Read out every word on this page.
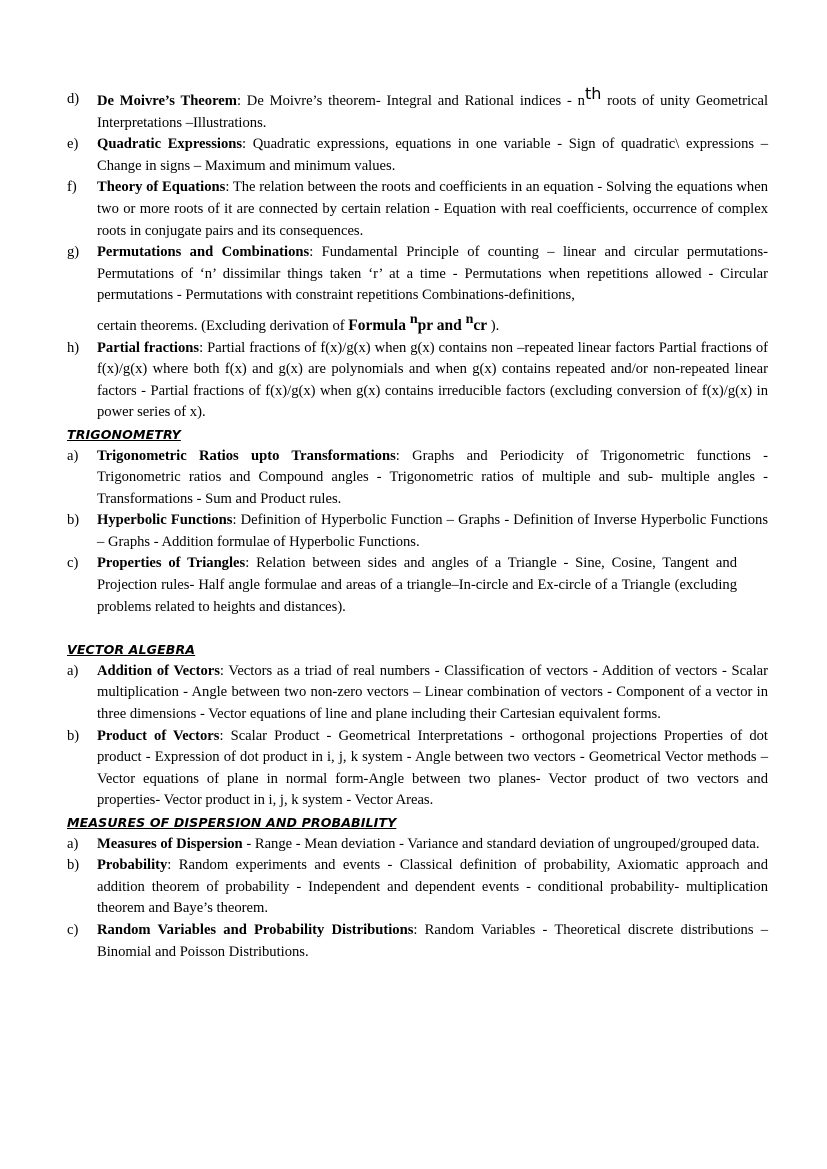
d) De Moivre’s Theorem: De Moivre’s theorem- Integral and Rational indices - nth roots of unity Geometrical Interpretations –Illustrations.
e) Quadratic Expressions: Quadratic expressions, equations in one variable - Sign of quadratic\ expressions – Change in signs – Maximum and minimum values.
f) Theory of Equations: The relation between the roots and coefficients in an equation - Solving the equations when two or more roots of it are connected by certain relation - Equation with real coefficients, occurrence of complex roots in conjugate pairs and its consequences.
g) Permutations and Combinations: Fundamental Principle of counting – linear and circular permutations- Permutations of ‘n’ dissimilar things taken ‘r’ at a time - Permutations when repetitions allowed - Circular permutations - Permutations with constraint repetitions Combinations-definitions,
certain theorems. (Excluding derivation of Formula npr and ncr ).
h) Partial fractions: Partial fractions of f(x)/g(x) when g(x) contains non –repeated linear factors Partial fractions of f(x)/g(x) where both f(x) and g(x) are polynomials and when g(x) contains repeated and/or non-repeated linear factors - Partial fractions of f(x)/g(x) when g(x) contains irreducible factors (excluding conversion of f(x)/g(x) in power series of x).
TRIGONOMETRY
a) Trigonometric Ratios upto Transformations: Graphs and Periodicity of Trigonometric functions - Trigonometric ratios and Compound angles - Trigonometric ratios of multiple and sub- multiple angles - Transformations - Sum and Product rules.
b) Hyperbolic Functions: Definition of Hyperbolic Function – Graphs - Definition of Inverse Hyperbolic Functions – Graphs - Addition formulae of Hyperbolic Functions.
c) Properties of Triangles: Relation between sides and angles of a Triangle - Sine, Cosine, Tangent and Projection rules- Half angle formulae and areas of a triangle–In-circle and Ex-circle of a Triangle (excluding problems related to heights and distances).
VECTOR ALGEBRA
a) Addition of Vectors: Vectors as a triad of real numbers - Classification of vectors - Addition of vectors - Scalar multiplication - Angle between two non-zero vectors – Linear combination of vectors - Component of a vector in three dimensions - Vector equations of line and plane including their Cartesian equivalent forms.
b) Product of Vectors: Scalar Product - Geometrical Interpretations - orthogonal projections Properties of dot product - Expression of dot product in i, j, k system - Angle between two vectors - Geometrical Vector methods – Vector equations of plane in normal form-Angle between two planes- Vector product of two vectors and properties- Vector product in i, j, k system - Vector Areas.
MEASURES OF DISPERSION AND PROBABILITY
a) Measures of Dispersion - Range - Mean deviation - Variance and standard deviation of ungrouped/grouped data.
b) Probability: Random experiments and events - Classical definition of probability, Axiomatic approach and addition theorem of probability - Independent and dependent events - conditional probability- multiplication theorem and Baye’s theorem.
c) Random Variables and Probability Distributions: Random Variables - Theoretical discrete distributions – Binomial and Poisson Distributions.
